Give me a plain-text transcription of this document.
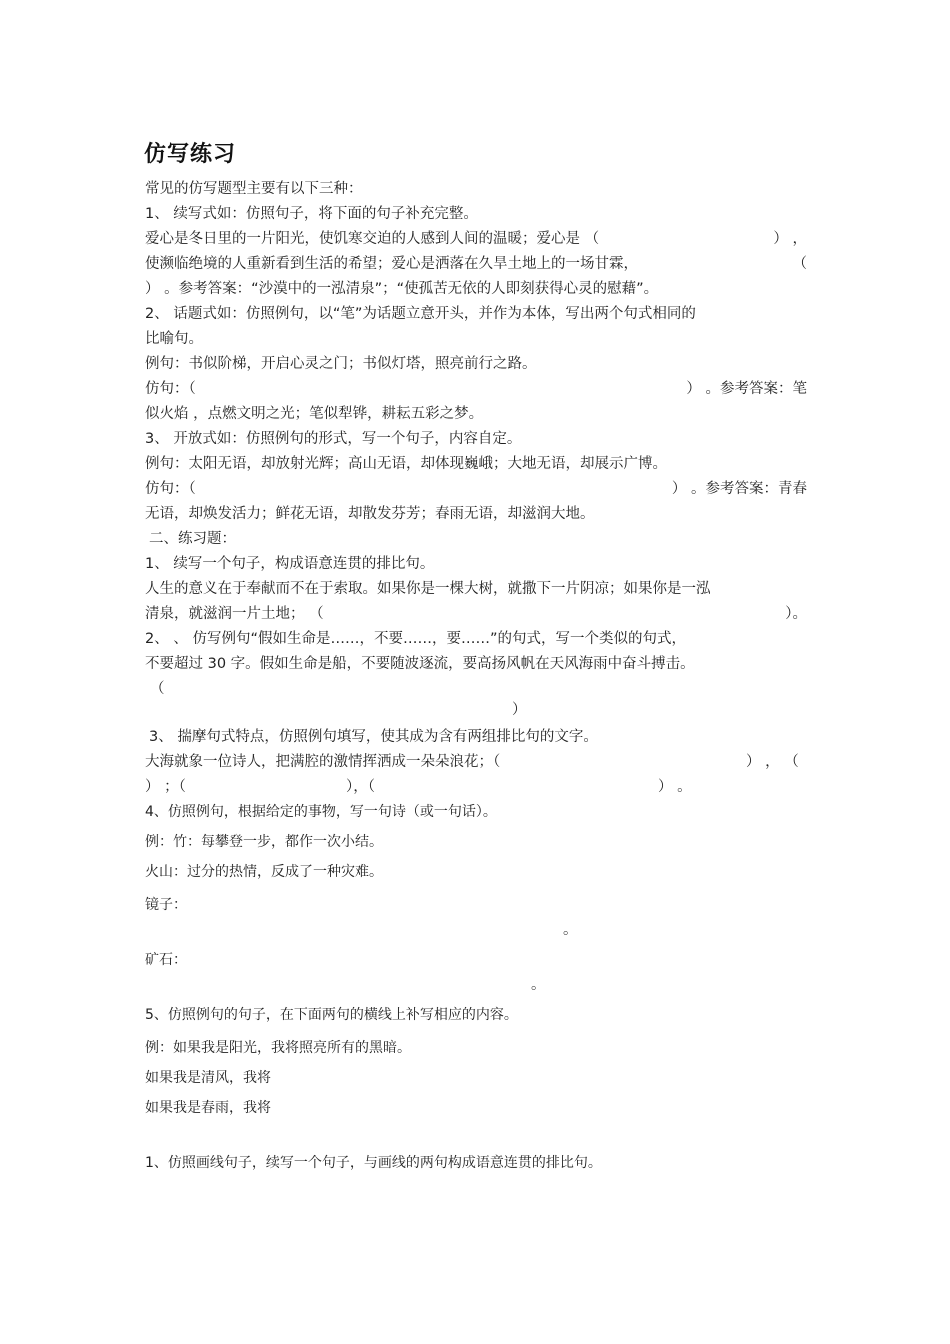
仿写练习
常见的仿写题型主要有以下三种：
1、 续写式如：仿照句子，将下面的句子补充完整。
爱心是冬日里的一片阳光，使饥寒交迫的人感到人间的温暖；爱心是 （	） ，
使濒临绝境的人重新看到生活的希望；爱心是洒落在久旱土地上的一场甘霖，	（
） 。参考答案：“沙漠中的一泓清泉”；“使孤苦无依的人即刻获得心灵的慰藉”。
2、 话题式如：仿照例句，以“笔”为话题立意开头，并作为本体，写出两个句式相同的
比喻句。
例句：书似阶梯，开启心灵之门；书似灯塔，照亮前行之路。
仿句：（	） 。参考答案：笔
似火焰 ，点燃文明之光；笔似犁铧，耕耘五彩之梦。
3、 开放式如：仿照例句的形式，写一个句子，内容自定。
例句：太阳无语，却放射光辉；高山无语，却体现巍峨；大地无语，却展示广博。
仿句：（	） 。参考答案：青春
无语，却焕发活力；鲜花无语，却散发芬芳；春雨无语，却滋润大地。
二、练习题：
1、 续写一个句子，构成语意连贯的排比句。
人生的意义在于奉献而不在于索取。如果你是一棵大树，就撒下一片阴凉；如果你是一泓
清泉，就滋润一片土地； （	）。
2、 、 仿写例句“假如生命是……，不要……，要……”的句式，写一个类似的句式，
不要超过 30 字。假如生命是船，不要随波逐流，要高扬风帆在天风海雨中奋斗搏击。
（
）
3、 揣摩句式特点，仿照例句填写，使其成为含有两组排比句的文字。
大海就象一位诗人，把满腔的激情挥洒成一朵朵浪花；（	） ， （
） ；（	），（	） 。
4、仿照例句，根据给定的事物，写一句诗（或一句话）。
例：竹：每攀登一步，都作一次小结。
火山：过分的热情，反成了一种灾难。
镜子：
。
矿石：
。
5、仿照例句的句子，在下面两句的横线上补写相应的内容。
例：如果我是阳光，我将照亮所有的黑暗。
如果我是清风，我将
如果我是春雨，我将
1、仿照画线句子，续写一个句子，与画线的两句构成语意连贯的排比句。
